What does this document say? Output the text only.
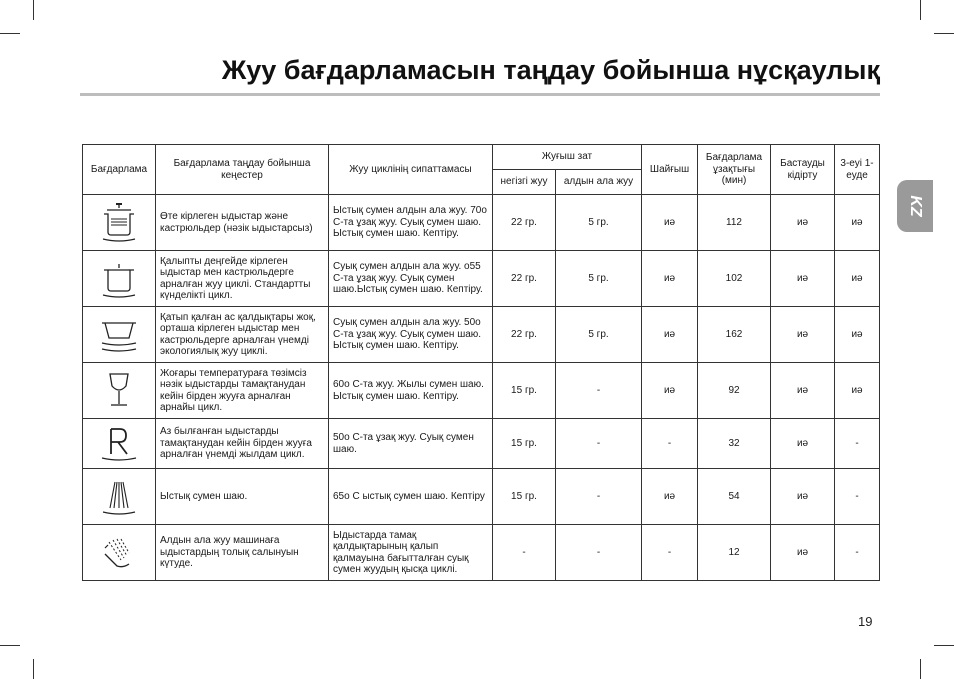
Жуу бағдарламасын таңдау бойынша нұсқаулық
KZ
Бағдарлама	Бағдарлама таңдау бойынша кеңестер	Жуу циклінің сипаттамасы	Жуғыш зат		Шайғыш	Бағдарлама ұзақтығы (мин)	Бастауды кідірту	3-еуі 1-еуде
			негізгі жуу	алдын ала жуу				

	Өте кірлеген ыдыстар және кастрюльдер (нәзік ыдыстарсыз)	Ыстық сумен алдын ала жуу. 70o С-та ұзақ жуу. Суық сумен шаю. Ыстық сумен шаю. Кептіру.	22 гр.	5 гр.	иә	112	иә	иә

	Қалыпты деңгейде кірлеген ыдыстар мен кастрюльдерге арналған жуу циклі. Стандартты күнделікті цикл.	Суық сумен алдын ала жуу. о55 С-та ұзақ жуу. Суық сумен шаю.Ыстық сумен шаю. Кептіру.	22 гр.	5 гр.	иә	102	иә	иә

	Қатып қалған ас қалдықтары жоқ, орташа кірлеген ыдыстар мен кастрюльдерге арналған үнемді экологиялық жуу циклі.	Суық сумен алдын ала жуу. 50o С-та ұзақ жуу. Суық сумен шаю. Ыстық сумен шаю. Кептіру.	22 гр.	5 гр.	иә	162	иә	иә

	Жоғары температураға төзімсіз нәзік ыдыстарды тамақтанудан кейін бірден жууға арналған арнайы цикл.	60o С-та жуу. Жылы сумен шаю. Ыстық сумен шаю. Кептіру.	15 гр.	-	иә	92	иә	иә

	Аз былғанған ыдыстарды тамақтанудан кейін бірден жууға арналған үнемді жылдам цикл.	50o С-та ұзақ жуу. Суық сумен шаю.	15 гр.	-	-	32	иә	-

	Ыстық сумен шаю.	65o С ыстық сумен шаю. Кептіру	15 гр.	-	иә	54	иә	-

	Алдын ала жуу машинаға ыдыстардың толық салынуын күтуде.	Ыдыстарда тамақ қалдықтарының қалып қалмауына бағытталған суық сумен жуудың қысқа циклі.	-	-	-	12	иә	-
19
